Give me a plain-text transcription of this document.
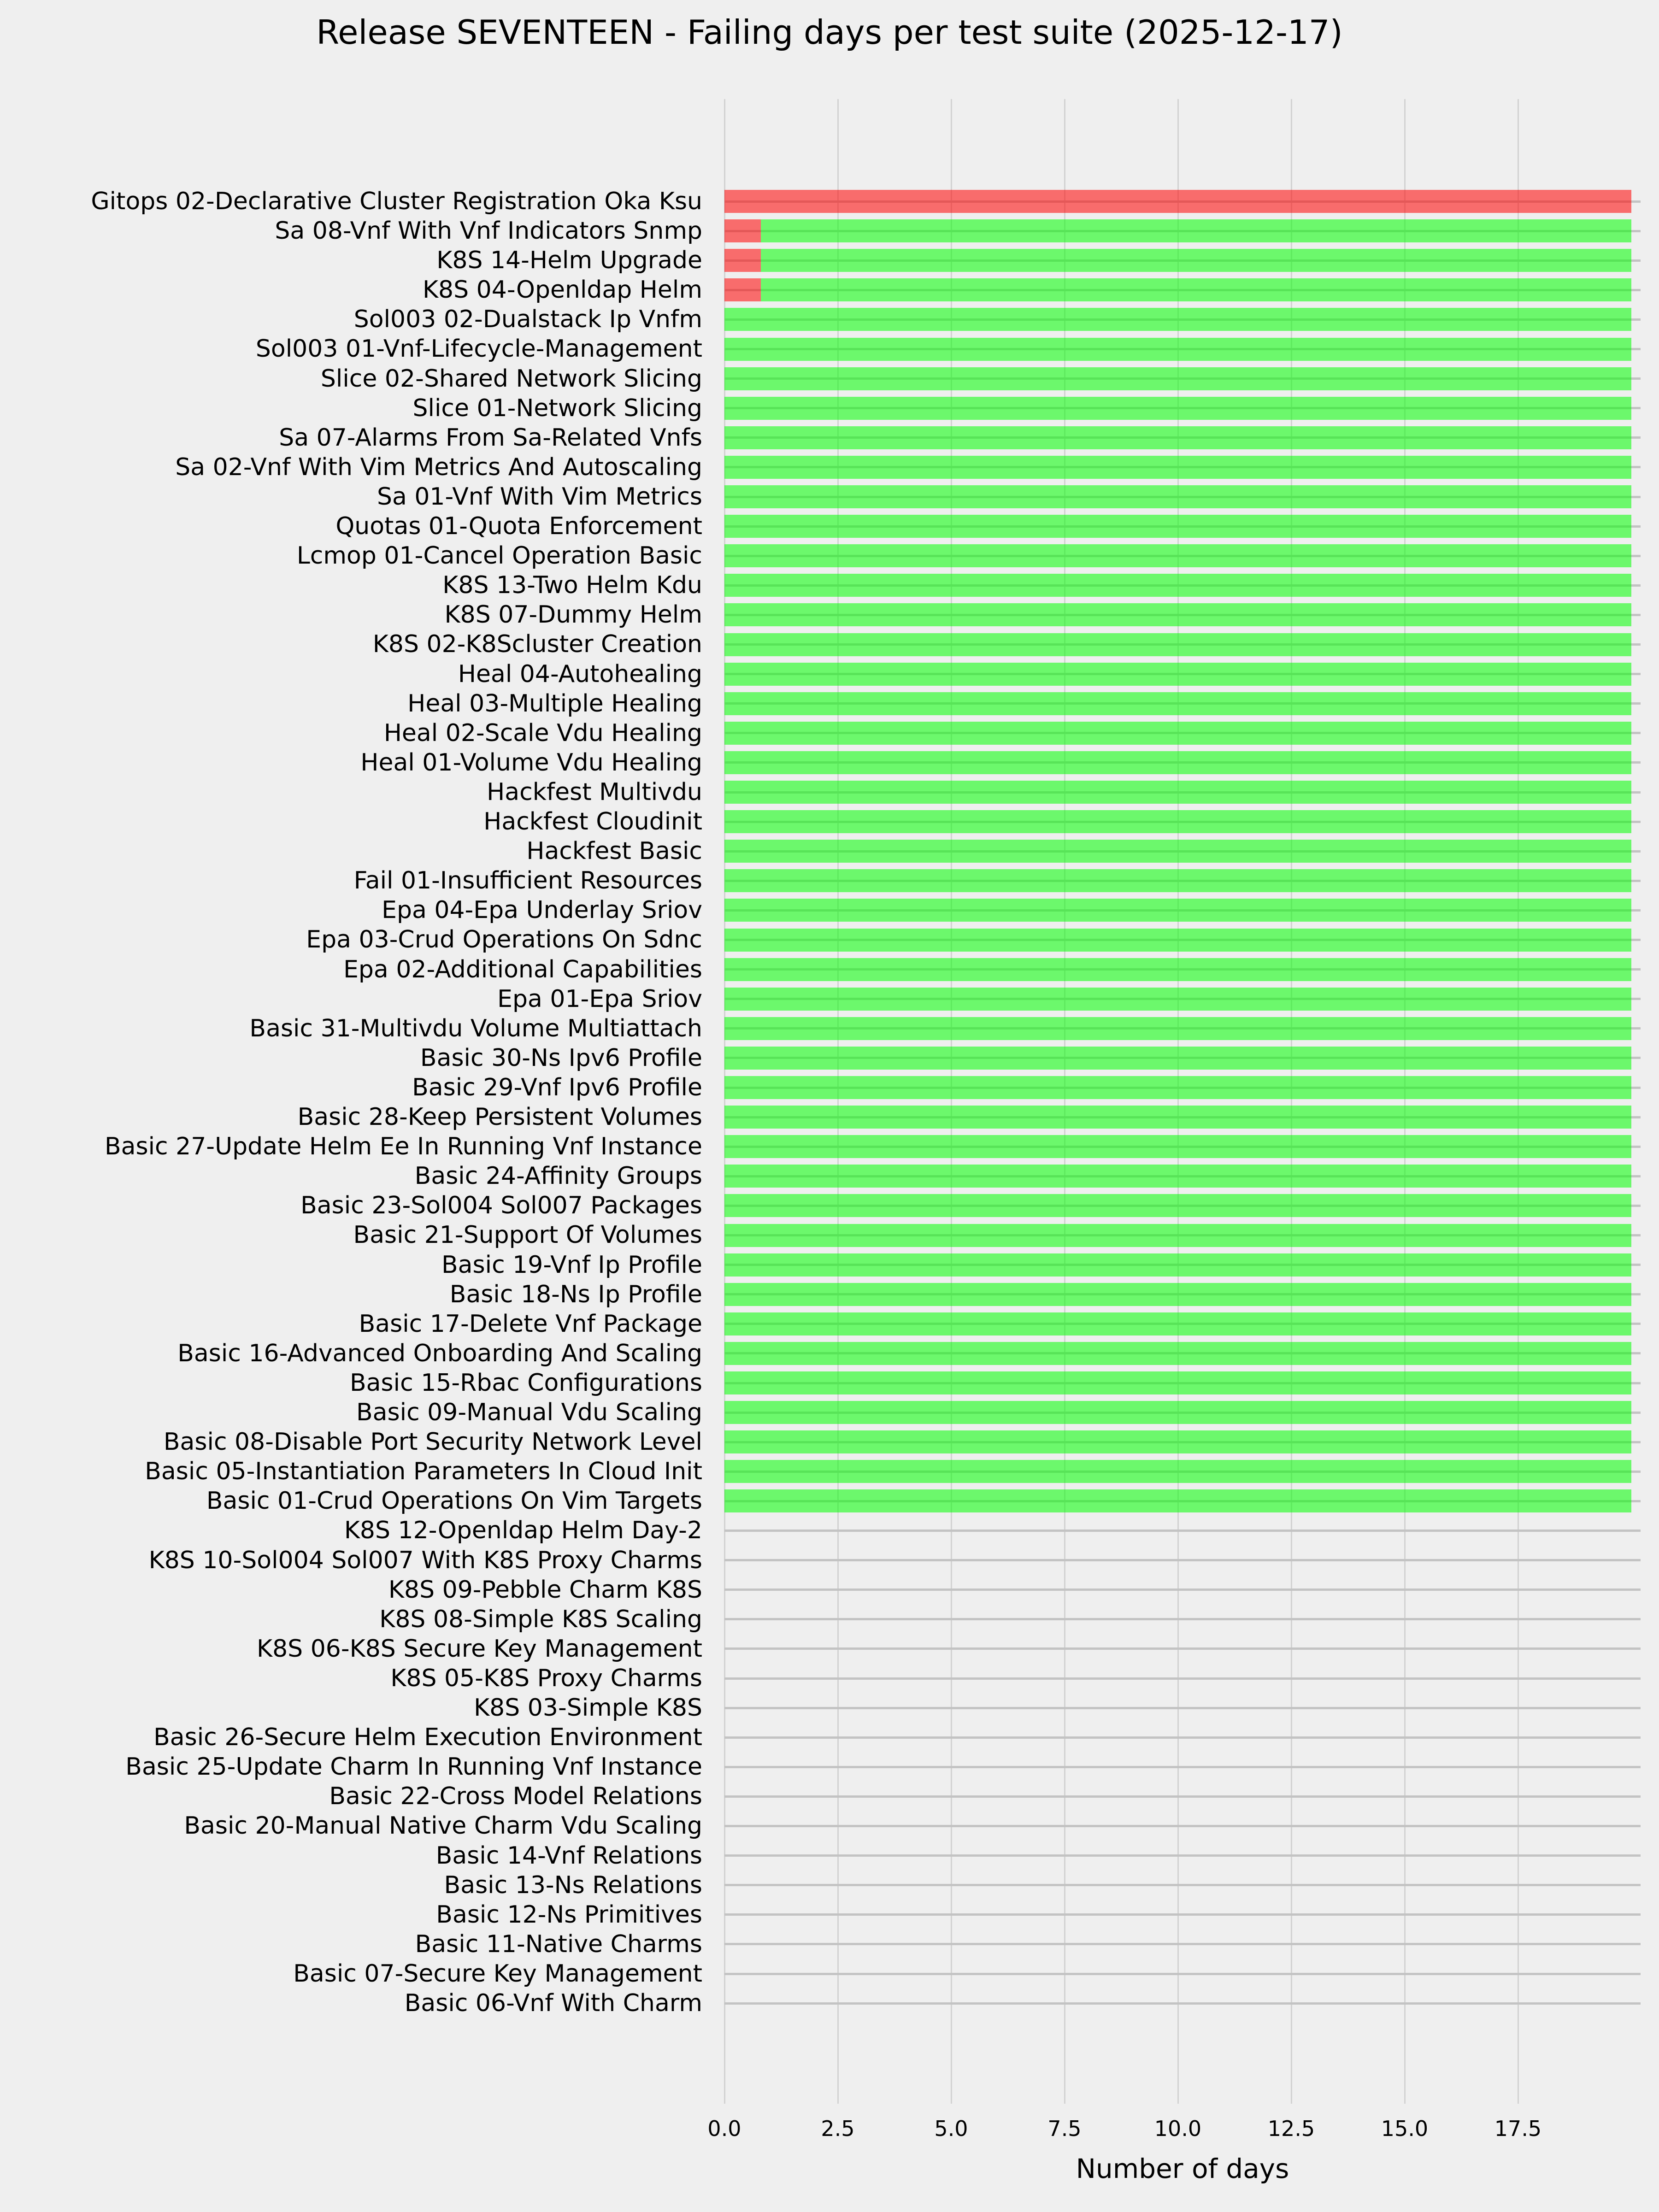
Release SEVENTEEN - Failing days per test suite (2025-12-17)
Gitops 02-Declarative Cluster Registration Oka Ksu
Sa 08-Vnf With Vnf Indicators Snmp
K8S 14-Helm Upgrade
K8S 04-Openldap Helm
Sol003 02-Dualstack Ip Vnfm
Sol003 01-Vnf-Lifecycle-Management
Slice 02-Shared Network Slicing
Slice 01-Network Slicing
Sa 07-Alarms From Sa-Related Vnfs
Sa 02-Vnf With Vim Metrics And Autoscaling
Sa 01-Vnf With Vim Metrics
Quotas 01-Quota Enforcement
Lcmop 01-Cancel Operation Basic
K8S 13-Two Helm Kdu
K8S 07-Dummy Helm
K8S 02-K8Scluster Creation
Heal 04-Autohealing
Heal 03-Multiple Healing
Heal 02-Scale Vdu Healing
Heal 01-Volume Vdu Healing
Hackfest Multivdu
Hackfest Cloudinit
Hackfest Basic
Fail 01-Insufficient Resources
Epa 04-Epa Underlay Sriov
Epa 03-Crud Operations On Sdnc
Epa 02-Additional Capabilities
Epa 01-Epa Sriov
Basic 31-Multivdu Volume Multiattach
Basic 30-Ns Ipv6 Profile
Basic 29-Vnf Ipv6 Profile
Basic 28-Keep Persistent Volumes
Basic 27-Update Helm Ee In Running Vnf Instance
Basic 24-Affinity Groups
Basic 23-Sol004 Sol007 Packages
Basic 21-Support Of Volumes
Basic 19-Vnf Ip Profile
Basic 18-Ns Ip Profile
Basic 17-Delete Vnf Package
Basic 16-Advanced Onboarding And Scaling
Basic 15-Rbac Configurations
Basic 09-Manual Vdu Scaling
Basic 08-Disable Port Security Network Level
Basic 05-Instantiation Parameters In Cloud Init
Basic 01-Crud Operations On Vim Targets
K8S 12-Openldap Helm Day-2
K8S 10-Sol004 Sol007 With K8S Proxy Charms
K8S 09-Pebble Charm K8S
K8S 08-Simple K8S Scaling
K8S 06-K8S Secure Key Management
K8S 05-K8S Proxy Charms
K8S 03-Simple K8S
Basic 26-Secure Helm Execution Environment
Basic 25-Update Charm In Running Vnf Instance
Basic 22-Cross Model Relations
Basic 20-Manual Native Charm Vdu Scaling
Basic 14-Vnf Relations
Basic 13-Ns Relations
Basic 12-Ns Primitives
Basic 11-Native Charms
Basic 07-Secure Key Management
Basic 06-Vnf With Charm
Number of days
0.0	2.5	5.0	7.5	10.0	12.5	15.0	17.5
